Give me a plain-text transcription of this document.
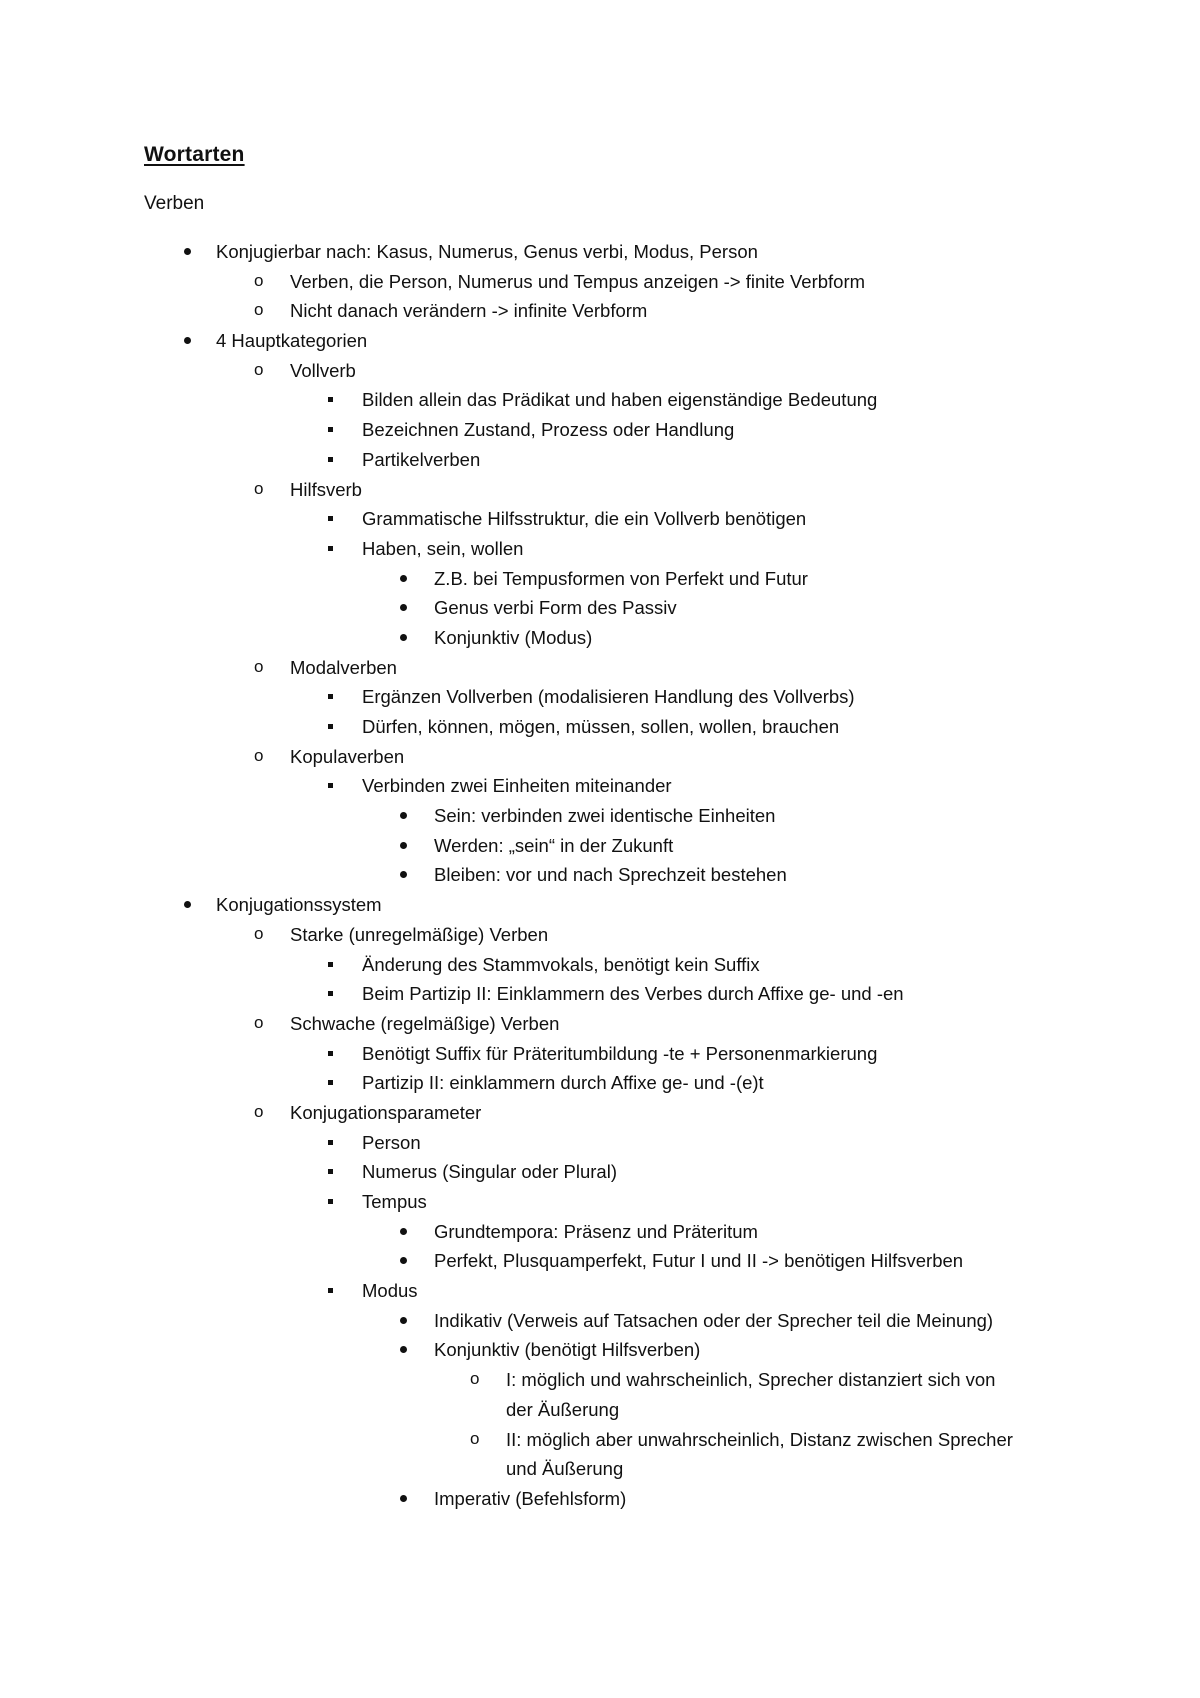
Wortarten
Verben
Konjugierbar nach: Kasus, Numerus, Genus verbi, Modus, Person
Verben, die Person, Numerus und Tempus anzeigen -> finite Verbform
Nicht danach verändern -> infinite Verbform
4 Hauptkategorien
Vollverb
Bilden allein das Prädikat und haben eigenständige Bedeutung
Bezeichnen Zustand, Prozess oder Handlung
Partikelverben
Hilfsverb
Grammatische Hilfsstruktur, die ein Vollverb benötigen
Haben, sein, wollen
Z.B. bei Tempusformen von Perfekt und Futur
Genus verbi Form des Passiv
Konjunktiv (Modus)
Modalverben
Ergänzen Vollverben (modalisieren Handlung des Vollverbs)
Dürfen, können, mögen, müssen, sollen, wollen, brauchen
Kopulaverben
Verbinden zwei Einheiten miteinander
Sein: verbinden zwei identische Einheiten
Werden: „sein“ in der Zukunft
Bleiben: vor und nach Sprechzeit bestehen
Konjugationssystem
Starke (unregelmäßige) Verben
Änderung des Stammvokals, benötigt kein Suffix
Beim Partizip II: Einklammern des Verbes durch Affixe ge- und -en
Schwache (regelmäßige) Verben
Benötigt Suffix für Präteritumbildung -te + Personenmarkierung
Partizip II: einklammern durch Affixe ge- und -(e)t
Konjugationsparameter
Person
Numerus (Singular oder Plural)
Tempus
Grundtempora: Präsenz und Präteritum
Perfekt, Plusquamperfekt, Futur I und II -> benötigen Hilfsverben
Modus
Indikativ (Verweis auf Tatsachen oder der Sprecher teil die Meinung)
Konjunktiv (benötigt Hilfsverben)
I: möglich und wahrscheinlich, Sprecher distanziert sich von
der Äußerung
II: möglich aber unwahrscheinlich, Distanz zwischen Sprecher
und Äußerung
Imperativ (Befehlsform)
